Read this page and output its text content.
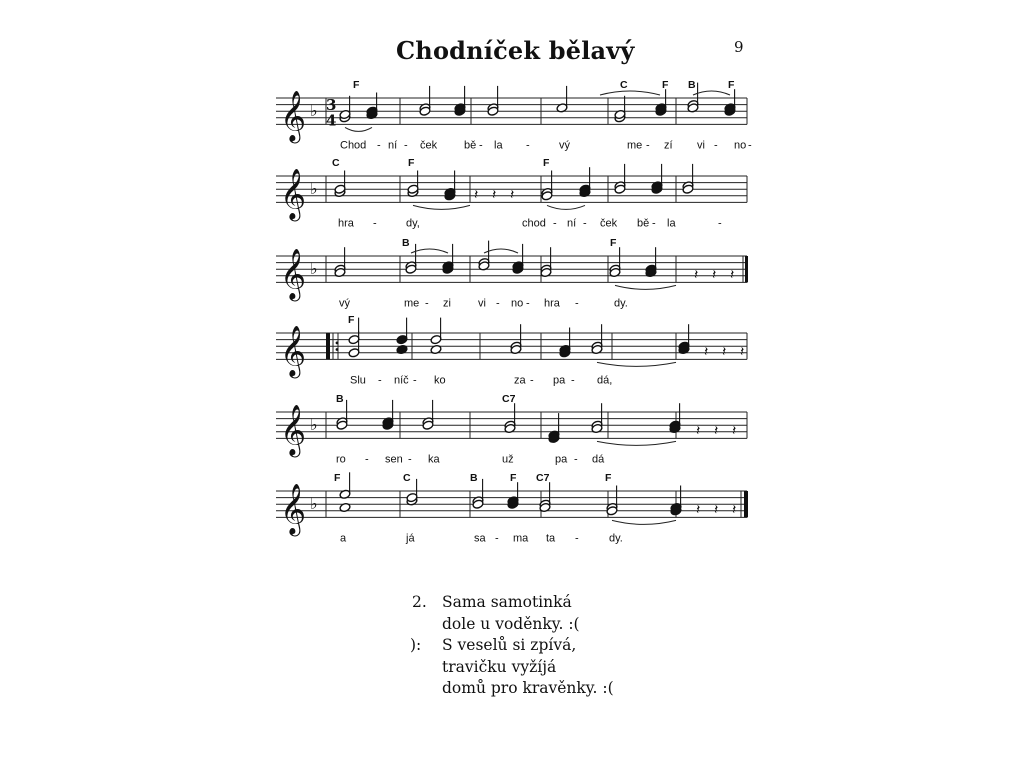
Chodníček bělavý	9
𝄞 ♭ 3
4
F	C	F B	F
Chod - ní - ček bě - la -	vý	me - zí vi - no -
𝄞 ♭	𝄽 𝄽 𝄽
C	F	F
hra -	dy,	chod - ní - ček bě - la	-
𝄞 ♭	𝄽 𝄽 𝄽
B	F
vý	me - zi vi - no - hra -	dy.
𝄞	𝄽 𝄽 𝄽
F
Slu - níč - ko	za - pa - dá,
𝄞 ♭	𝄽 𝄽 𝄽
B	C7
ro - sen - ka	už	pa - dá
𝄞 ♭	𝄽 𝄽 𝄽
F	C	B	F C7	F
a	já	sa - ma ta -	dy.
2. Sama samotinká
dole u voděnky. :(
):	S veselů si zpívá,
travičku vyžíjá
domů pro kravěnky. :(
